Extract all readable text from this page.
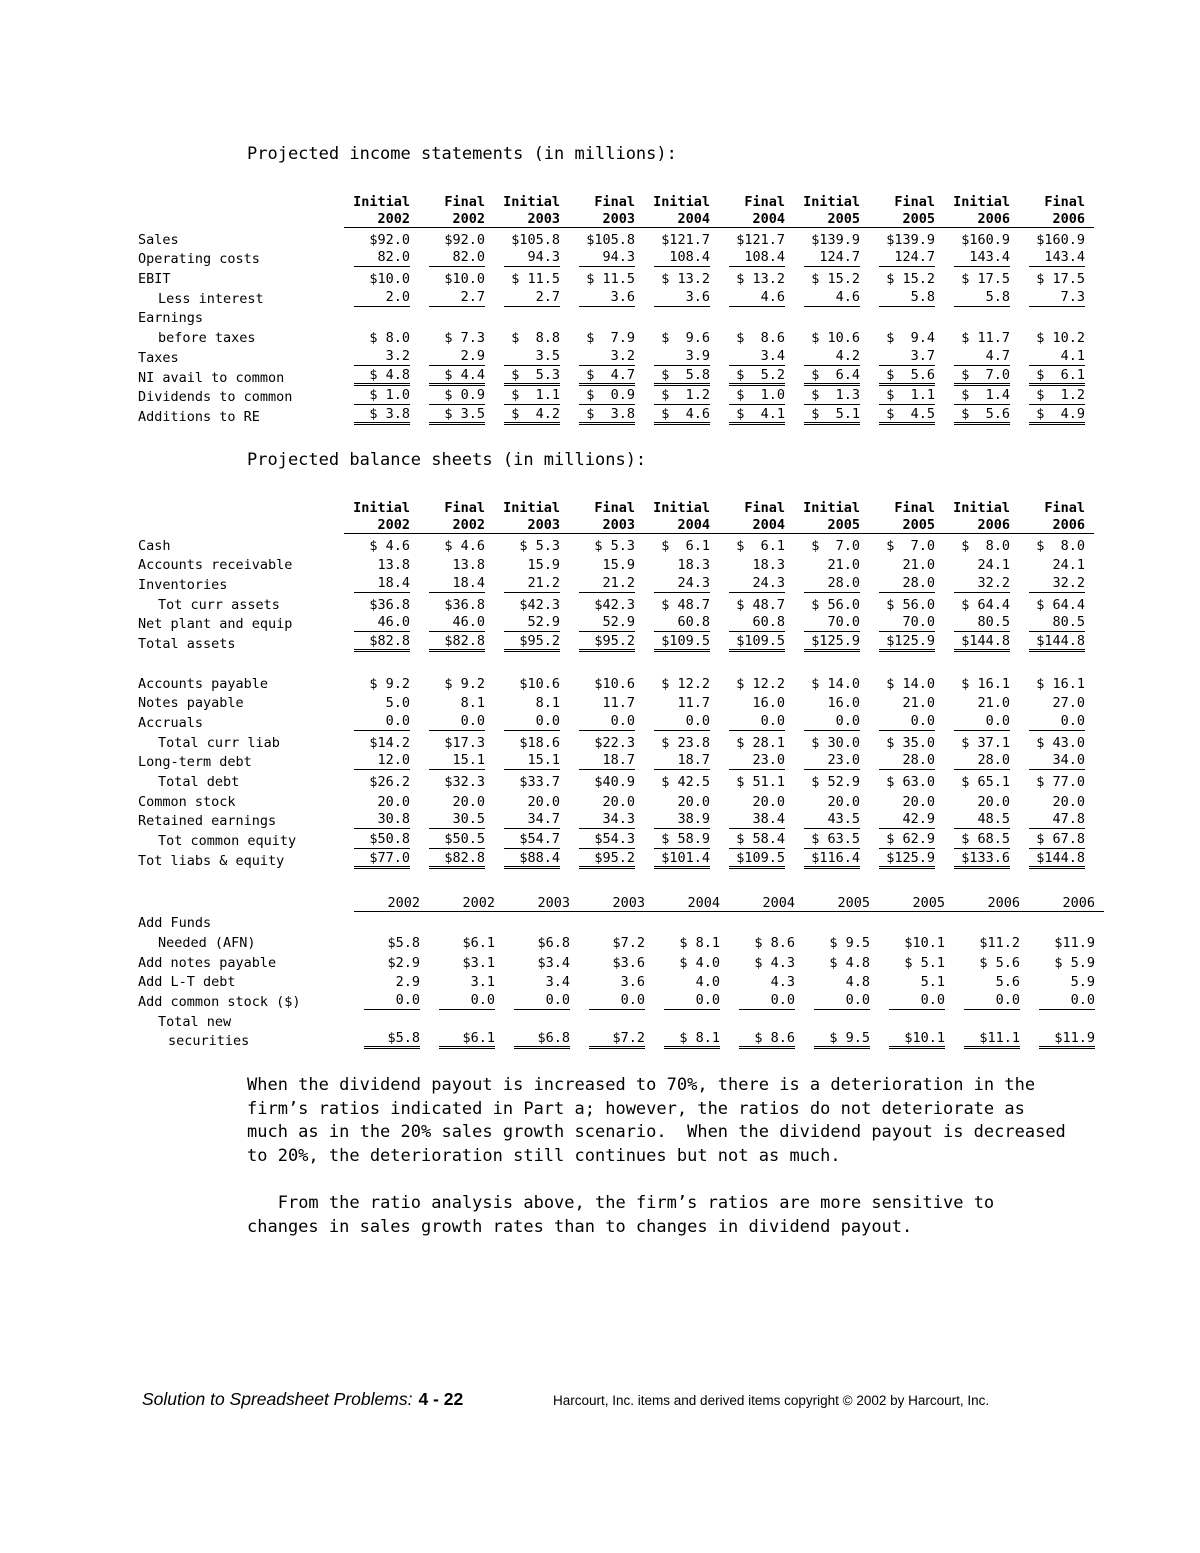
Projected income statements (in millions):
	Initial	Final	Initial	Final	Initial	Final	Initial	Final	Initial	Final
	2002	2002	2003	2003	2004	2004	2005	2005	2006	2006
Sales	$92.0	$92.0	$105.8	$105.8	$121.7	$121.7	$139.9	$139.9	$160.9	$160.9
Operating costs	82.0	82.0	94.3	94.3	108.4	108.4	124.7	124.7	143.4	143.4
EBIT	$10.0	$10.0	$ 11.5	$ 11.5	$ 13.2	$ 13.2	$ 15.2	$ 15.2	$ 17.5	$ 17.5
Less interest	2.0	2.7	2.7	3.6	3.6	4.6	4.6	5.8	5.8	7.3
Earnings										
before taxes	$ 8.0	$ 7.3	$  8.8	$  7.9	$  9.6	$  8.6	$ 10.6	$  9.4	$ 11.7	$ 10.2
Taxes	3.2	2.9	3.5	3.2	3.9	3.4	4.2	3.7	4.7	4.1
NI avail to common	$ 4.8	$ 4.4	$  5.3	$  4.7	$  5.8	$  5.2	$  6.4	$  5.6	$  7.0	$  6.1
Dividends to common	$ 1.0	$ 0.9	$  1.1	$  0.9	$  1.2	$  1.0	$  1.3	$  1.1	$  1.4	$  1.2
Additions to RE	$ 3.8	$ 3.5	$  4.2	$  3.8	$  4.6	$  4.1	$  5.1	$  4.5	$  5.6	$  4.9
Projected balance sheets (in millions):
	Initial	Final	Initial	Final	Initial	Final	Initial	Final	Initial	Final
	2002	2002	2003	2003	2004	2004	2005	2005	2006	2006
Cash	$ 4.6	$ 4.6	$ 5.3	$ 5.3	$  6.1	$  6.1	$  7.0	$  7.0	$  8.0	$  8.0
Accounts receivable	13.8	13.8	15.9	15.9	18.3	18.3	21.0	21.0	24.1	24.1
Inventories	18.4	18.4	21.2	21.2	24.3	24.3	28.0	28.0	32.2	32.2
Tot curr assets	$36.8	$36.8	$42.3	$42.3	$ 48.7	$ 48.7	$ 56.0	$ 56.0	$ 64.4	$ 64.4
Net plant and equip	46.0	46.0	52.9	52.9	60.8	60.8	70.0	70.0	80.5	80.5
Total assets	$82.8	$82.8	$95.2	$95.2	$109.5	$109.5	$125.9	$125.9	$144.8	$144.8

Accounts payable	$ 9.2	$ 9.2	$10.6	$10.6	$ 12.2	$ 12.2	$ 14.0	$ 14.0	$ 16.1	$ 16.1
Notes payable	5.0	8.1	8.1	11.7	11.7	16.0	16.0	21.0	21.0	27.0
Accruals	0.0	0.0	0.0	0.0	0.0	0.0	0.0	0.0	0.0	0.0
Total curr liab	$14.2	$17.3	$18.6	$22.3	$ 23.8	$ 28.1	$ 30.0	$ 35.0	$ 37.1	$ 43.0
Long-term debt	12.0	15.1	15.1	18.7	18.7	23.0	23.0	28.0	28.0	34.0
Total debt	$26.2	$32.3	$33.7	$40.9	$ 42.5	$ 51.1	$ 52.9	$ 63.0	$ 65.1	$ 77.0
Common stock	20.0	20.0	20.0	20.0	20.0	20.0	20.0	20.0	20.0	20.0
Retained earnings	30.8	30.5	34.7	34.3	38.9	38.4	43.5	42.9	48.5	47.8
Tot common equity	$50.8	$50.5	$54.7	$54.3	$ 58.9	$ 58.4	$ 63.5	$ 62.9	$ 68.5	$ 67.8
Tot liabs & equity	$77.0	$82.8	$88.4	$95.2	$101.4	$109.5	$116.4	$125.9	$133.6	$144.8
	2002	2002	2003	2003	2004	2004	2005	2005	2006	2006
Add Funds										
Needed (AFN)	$5.8	$6.1	$6.8	$7.2	$ 8.1	$ 8.6	$ 9.5	$10.1	$11.2	$11.9
Add notes payable	$2.9	$3.1	$3.4	$3.6	$ 4.0	$ 4.3	$ 4.8	$ 5.1	$ 5.6	$ 5.9
Add L-T debt	2.9	3.1	3.4	3.6	4.0	4.3	4.8	5.1	5.6	5.9
Add common stock ($)	0.0	0.0	0.0	0.0	0.0	0.0	0.0	0.0	0.0	0.0
Total new										
securities	$5.8	$6.1	$6.8	$7.2	$ 8.1	$ 8.6	$ 9.5	$10.1	$11.1	$11.9
When the dividend payout is increased to 70%, there is a deterioration in the firm’s ratios indicated in Part a; however, the ratios do not deteriorate as much as in the 20% sales growth scenario.  When the dividend payout is decreased to 20%, the deterioration still continues but not as much.
From the ratio analysis above, the firm’s ratios are more sensitive to changes in sales growth rates than to changes in dividend payout.
Solution to Spreadsheet Problems: 4 - 22	Harcourt, Inc. items and derived items copyright © 2002 by Harcourt, Inc.
